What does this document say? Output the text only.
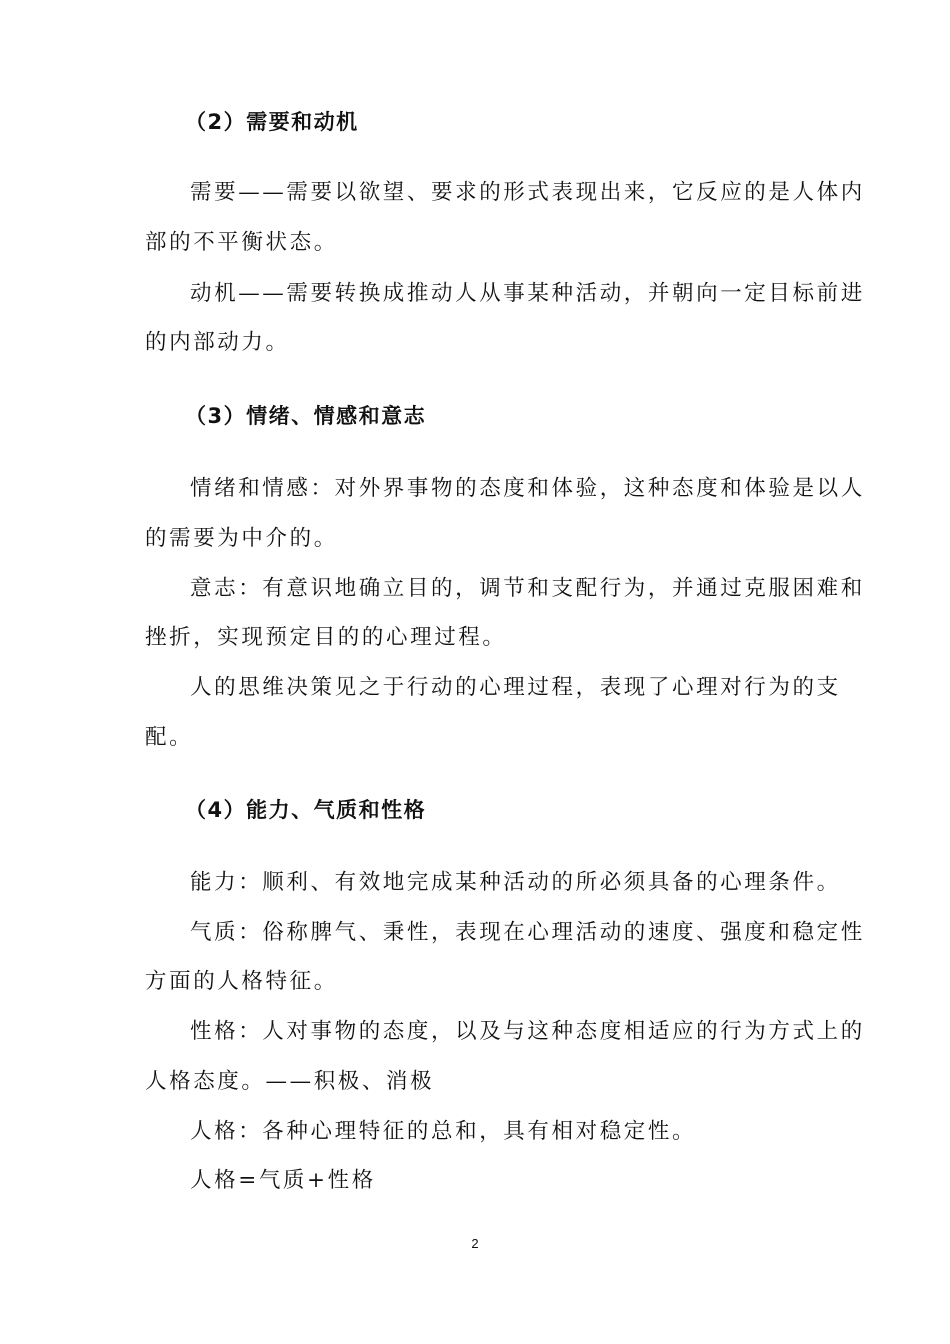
（2）需要和动机
需要——需要以欲望、要求的形式表现出来，它反应的是人体内
部的不平衡状态。
动机——需要转换成推动人从事某种活动，并朝向一定目标前进
的内部动力。
（3）情绪、情感和意志
情绪和情感：对外界事物的态度和体验，这种态度和体验是以人
的需要为中介的。
意志：有意识地确立目的，调节和支配行为，并通过克服困难和
挫折，实现预定目的的心理过程。
人的思维决策见之于行动的心理过程，表现了心理对行为的支
配。
（4）能力、气质和性格
能力：顺利、有效地完成某种活动的所必须具备的心理条件。
气质：俗称脾气、秉性，表现在心理活动的速度、强度和稳定性
方面的人格特征。
性格：人对事物的态度，以及与这种态度相适应的行为方式上的
人格态度。——积极、消极
人格：各种心理特征的总和，具有相对稳定性。
人格=气质+性格
2
